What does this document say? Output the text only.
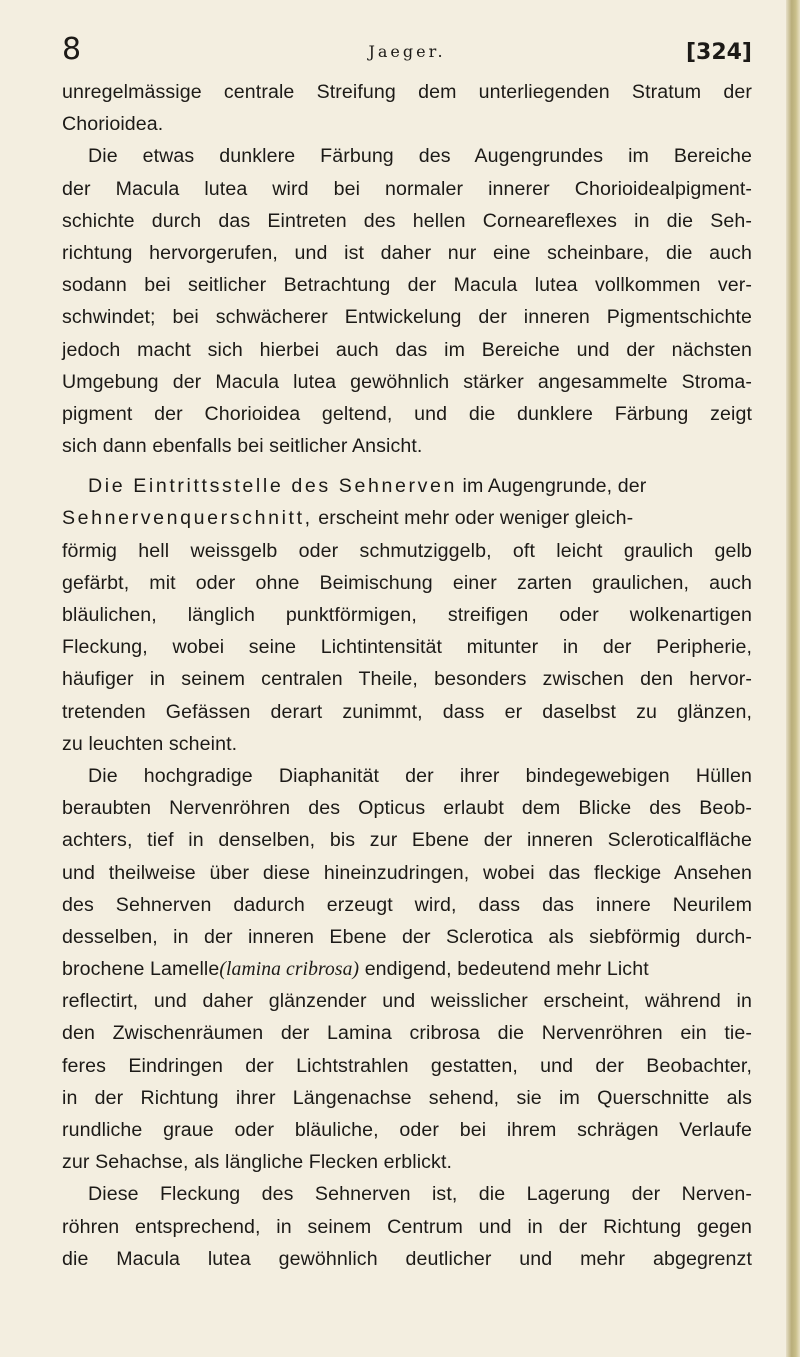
8	Jaeger.	[324]
unregelmässige centrale Streifung dem unterliegenden Stratum der
Chorioidea.
Die etwas dunklere Färbung des Augengrundes im Bereiche
der Macula lutea wird bei normaler innerer Chorioidealpigment-
schichte durch das Eintreten des hellen Corneareflexes in die Seh-
richtung hervorgerufen, und ist daher nur eine scheinbare, die auch
sodann bei seitlicher Betrachtung der Macula lutea vollkommen ver-
schwindet; bei schwächerer Entwickelung der inneren Pigmentschichte
jedoch macht sich hierbei auch das im Bereiche und der nächsten
Umgebung der Macula lutea gewöhnlich stärker angesammelte Stroma-
pigment der Chorioidea geltend, und die dunklere Färbung zeigt
sich dann ebenfalls bei seitlicher Ansicht.
Die Eintrittsstelle des Sehnerven im Augengrunde, der
Sehnervenquerschnitt, erscheint mehr oder weniger gleich-
förmig hell weissgelb oder schmutziggelb, oft leicht graulich gelb
gefärbt, mit oder ohne Beimischung einer zarten graulichen, auch
bläulichen, länglich punktförmigen, streifigen oder wolkenartigen
Fleckung, wobei seine Lichtintensität mitunter in der Peripherie,
häufiger in seinem centralen Theile, besonders zwischen den hervor-
tretenden Gefässen derart zunimmt, dass er daselbst zu glänzen,
zu leuchten scheint.
Die hochgradige Diaphanität der ihrer bindegewebigen Hüllen
beraubten Nervenröhren des Opticus erlaubt dem Blicke des Beob-
achters, tief in denselben, bis zur Ebene der inneren Scleroticalfläche
und theilweise über diese hineinzudringen, wobei das fleckige Ansehen
des Sehnerven dadurch erzeugt wird, dass das innere Neurilem
desselben, in der inneren Ebene der Sclerotica als siebförmig durch-
brochene Lamelle(lamina cribrosa) endigend, bedeutend mehr Licht
reflectirt, und daher glänzender und weisslicher erscheint, während in
den Zwischenräumen der Lamina cribrosa die Nervenröhren ein tie-
feres Eindringen der Lichtstrahlen gestatten, und der Beobachter,
in der Richtung ihrer Längenachse sehend, sie im Querschnitte als
rundliche graue oder bläuliche, oder bei ihrem schrägen Verlaufe
zur Sehachse, als längliche Flecken erblickt.
Diese Fleckung des Sehnerven ist, die Lagerung der Nerven-
röhren entsprechend, in seinem Centrum und in der Richtung gegen
die Macula lutea gewöhnlich deutlicher und mehr abgegrenzt
